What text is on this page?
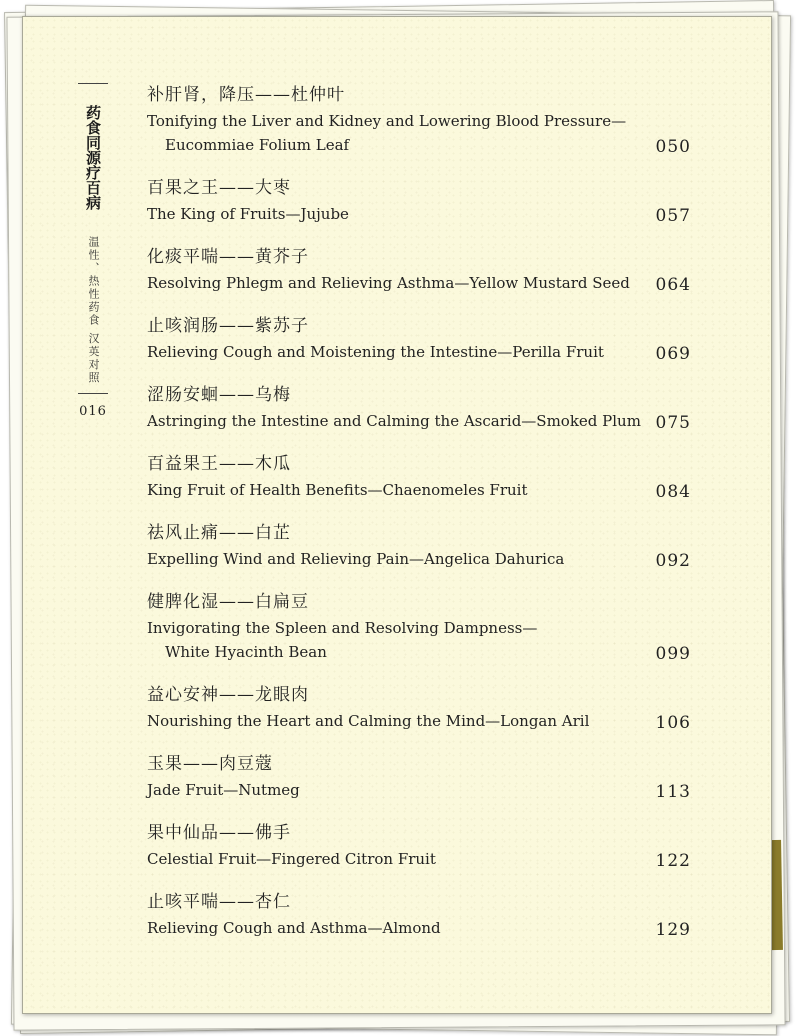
药食同源疗百病
温性、热性药食 汉英对照
016
补肝肾，降压——杜仲叶
Tonifying the Liver and Kidney and Lowering Blood Pressure—
Eucommiae Folium Leaf	050
百果之王——大枣
The King of Fruits—Jujube	057
化痰平喘——黄芥子
Resolving Phlegm and Relieving Asthma—Yellow Mustard Seed	064
止咳润肠——紫苏子
Relieving Cough and Moistening the Intestine—Perilla Fruit	069
涩肠安蛔——乌梅
Astringing the Intestine and Calming the Ascarid—Smoked Plum 075
百益果王——木瓜
King Fruit of Health Benefits—Chaenomeles Fruit	084
祛风止痛——白芷
Expelling Wind and Relieving Pain—Angelica Dahurica	092
健脾化湿——白扁豆
Invigorating the Spleen and Resolving Dampness—
White Hyacinth Bean	099
益心安神——龙眼肉
Nourishing the Heart and Calming the Mind—Longan Aril	106
玉果——肉豆蔻
Jade Fruit—Nutmeg	113
果中仙品——佛手
Celestial Fruit—Fingered Citron Fruit	122
止咳平喘——杏仁
Relieving Cough and Asthma—Almond	129
